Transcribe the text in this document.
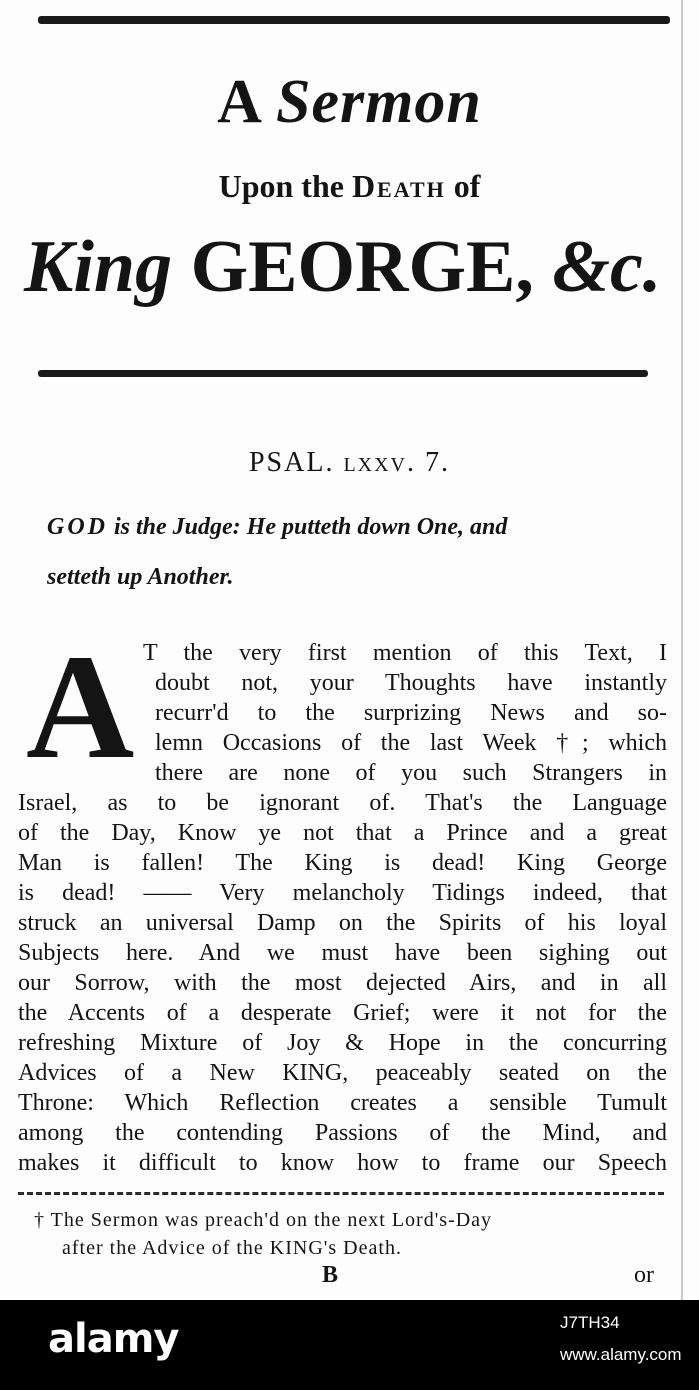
A Sermon
Upon the Death of
King GEORGE, &c.
PSAL. lxxv. 7.
GOD is the Judge: He putteth down One, and
setteth up Another.
A T the very first mention of this Text, I
doubt not, your Thoughts have instantly
recurr'd to the surprizing News and so-
lemn Occasions of the last Week †; which
there are none of you such Strangers in
Israel, as to be ignorant of. That's the Language
of the Day, Know ye not that a Prince and a great
Man is fallen! The King is dead! King George
is dead! —— Very melancholy Tidings indeed, that
struck an universal Damp on the Spirits of his loyal
Subjects here. And we must have been sighing out
our Sorrow, with the most dejected Airs, and in all
the Accents of a desperate Grief; were it not for the
refreshing Mixture of Joy & Hope in the concurring
Advices of a New KING, peaceably seated on the
Throne: Which Reflection creates a sensible Tumult
among the contending Passions of the Mind, and
makes it difficult to know how to frame our Speech
† The Sermon was preach'd on the next Lord's-Day
after the Advice of the KING's Death.
B	or
alamy	J7TH34
www.alamy.com
